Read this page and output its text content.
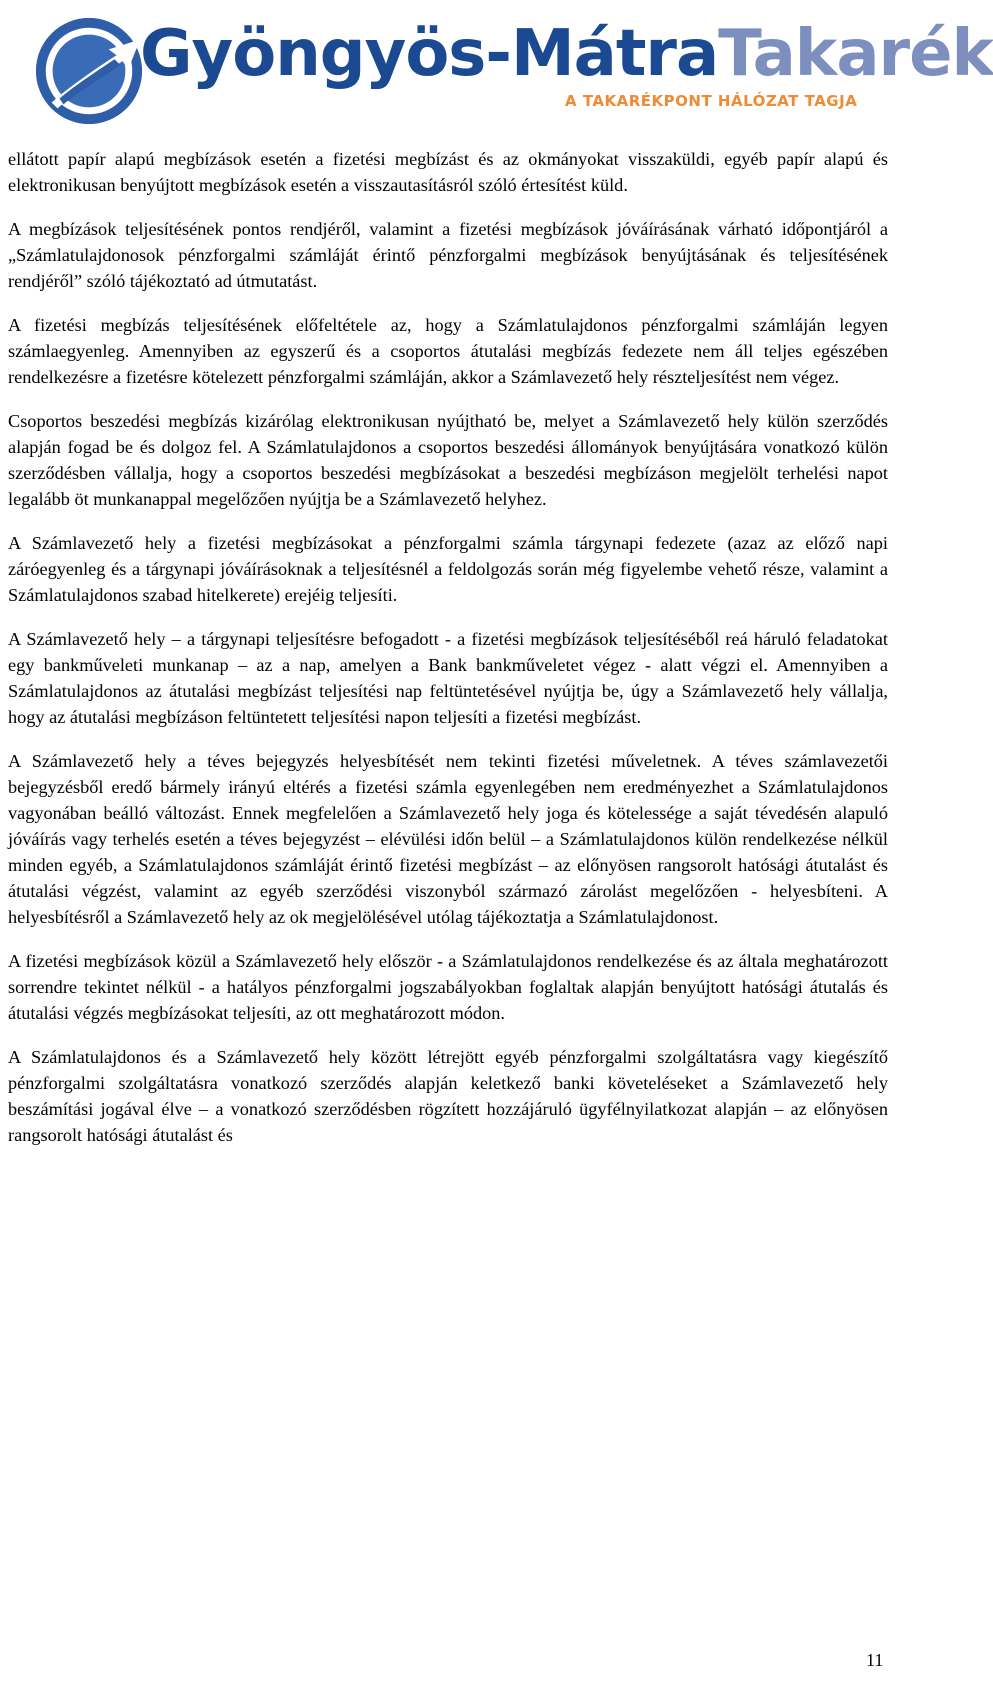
Gyöngyös-MátraTakarék
A TAKARÉKPONT HÁLÓZAT TAGJA

ellátott papír alapú megbízások esetén a fizetési megbízást és az okmányokat visszaküldi, egyéb papír alapú és elektronikusan benyújtott megbízások esetén a visszautasításról szóló értesítést küld.

A megbízások teljesítésének pontos rendjéről, valamint a fizetési megbízások jóváírásának várható időpontjáról a „Számlatulajdonosok pénzforgalmi számláját érintő pénzforgalmi megbízások benyújtásának és teljesítésének rendjéről” szóló tájékoztató ad útmutatást.

A fizetési megbízás teljesítésének előfeltétele az, hogy a Számlatulajdonos pénzforgalmi számláján legyen számlaegyenleg. Amennyiben az egyszerű és a csoportos átutalási megbízás fedezete nem áll teljes egészében rendelkezésre a fizetésre kötelezett pénzforgalmi számláján, akkor a Számlavezető hely részteljesítést nem végez.

Csoportos beszedési megbízás kizárólag elektronikusan nyújtható be, melyet a Számlavezető hely külön szerződés alapján fogad be és dolgoz fel. A Számlatulajdonos a csoportos beszedési állományok benyújtására vonatkozó külön szerződésben vállalja, hogy a csoportos beszedési megbízásokat a beszedési megbízáson megjelölt terhelési napot legalább öt munkanappal megelőzően nyújtja be a Számlavezető helyhez.

A Számlavezető hely a fizetési megbízásokat a pénzforgalmi számla tárgynapi fedezete (azaz az előző napi záróegyenleg és a tárgynapi jóváírásoknak a teljesítésnél a feldolgozás során még figyelembe vehető része, valamint a Számlatulajdonos szabad hitelkerete) erejéig teljesíti.

A Számlavezető hely – a tárgynapi teljesítésre befogadott - a fizetési megbízások teljesítéséből reá háruló feladatokat egy bankműveleti munkanap – az a nap, amelyen a Bank bankműveletet végez - alatt végzi el. Amennyiben a Számlatulajdonos az átutalási megbízást teljesítési nap feltüntetésével nyújtja be, úgy a Számlavezető hely vállalja, hogy az átutalási megbízáson feltüntetett teljesítési napon teljesíti a fizetési megbízást.

A Számlavezető hely a téves bejegyzés helyesbítését nem tekinti fizetési műveletnek. A téves számlavezetői bejegyzésből eredő bármely irányú eltérés a fizetési számla egyenlegében nem eredményezhet a Számlatulajdonos vagyonában beálló változást. Ennek megfelelően a Számlavezető hely joga és kötelessége a saját tévedésén alapuló jóváírás vagy terhelés esetén a téves bejegyzést – elévülési időn belül – a Számlatulajdonos külön rendelkezése nélkül minden egyéb, a Számlatulajdonos számláját érintő fizetési megbízást – az előnyösen rangsorolt hatósági átutalást és átutalási végzést, valamint az egyéb szerződési viszonyból származó zárolást megelőzően - helyesbíteni. A helyesbítésről a Számlavezető hely az ok megjelölésével utólag tájékoztatja a Számlatulajdonost.

A fizetési megbízások közül a Számlavezető hely először - a Számlatulajdonos rendelkezése és az általa meghatározott sorrendre tekintet nélkül - a hatályos pénzforgalmi jogszabályokban foglaltak alapján benyújtott hatósági átutalás és átutalási végzés megbízásokat teljesíti, az ott meghatározott módon.

A Számlatulajdonos és a Számlavezető hely között létrejött egyéb pénzforgalmi szolgáltatásra vagy kiegészítő pénzforgalmi szolgáltatásra vonatkozó szerződés alapján keletkező banki követeléseket a Számlavezető hely beszámítási jogával élve – a vonatkozó szerződésben rögzített hozzájáruló ügyfélnyilatkozat alapján – az előnyösen rangsorolt hatósági átutalást és

11
